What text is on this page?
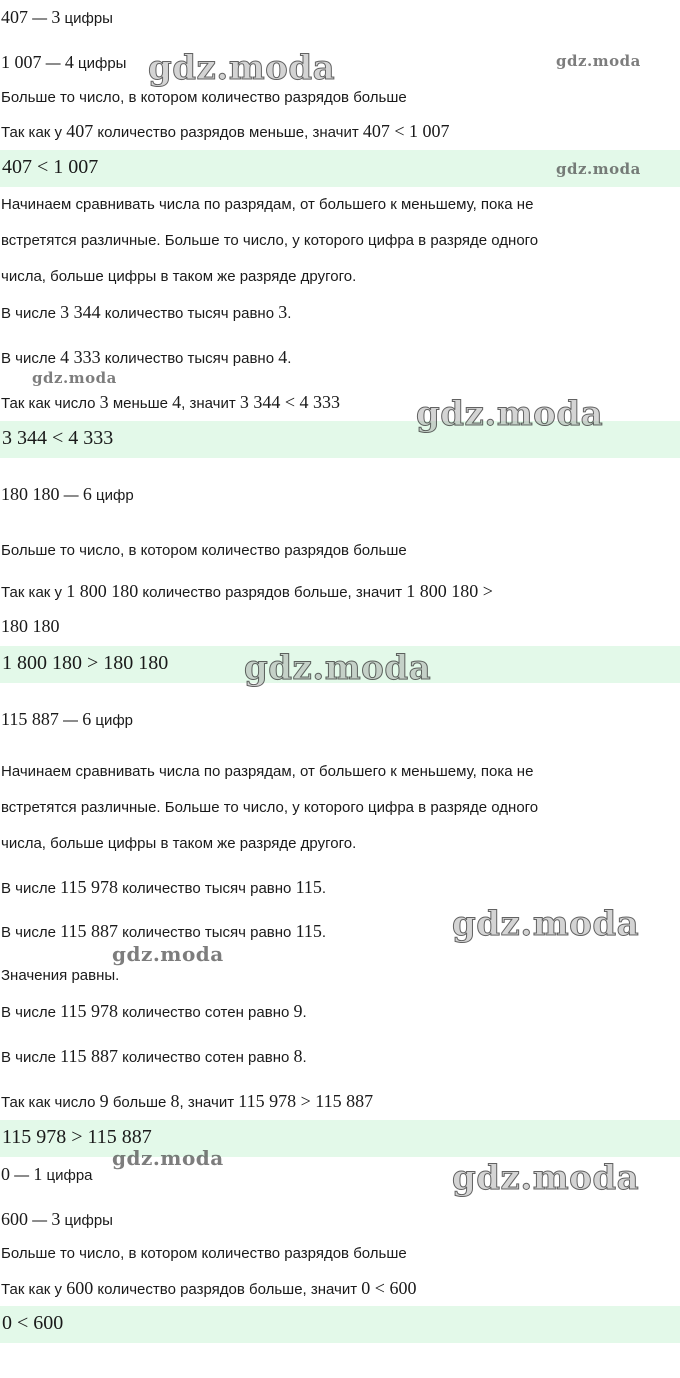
407 — 3 цифры
1 007 — 4 цифры
Больше то число, в котором количество разрядов больше
Так как у 407 количество разрядов меньше, значит 407 < 1 007
407 < 1 007
Начинаем сравнивать числа по разрядам, от большего к меньшему, пока не
встретятся различные. Больше то число, у которого цифра в разряде одного
числа, больше цифры в таком же разряде другого.
В числе 3 344 количество тысяч равно 3.
В числе 4 333 количество тысяч равно 4.
Так как число 3 меньше 4, значит 3 344 < 4 333
3 344 < 4 333
180 180 — 6 цифр
Больше то число, в котором количество разрядов больше
Так как у 1 800 180 количество разрядов больше, значит 1 800 180 >
180 180
1 800 180 > 180 180
115 887 — 6 цифр
Начинаем сравнивать числа по разрядам, от большего к меньшему, пока не
встретятся различные. Больше то число, у которого цифра в разряде одного
числа, больше цифры в таком же разряде другого.
В числе 115 978 количество тысяч равно 115.
В числе 115 887 количество тысяч равно 115.
Значения равны.
В числе 115 978 количество сотен равно 9.
В числе 115 887 количество сотен равно 8.
Так как число 9 больше 8, значит 115 978 > 115 887
115 978 > 115 887
0 — 1 цифра
600 — 3 цифры
Больше то число, в котором количество разрядов больше
Так как у 600 количество разрядов больше, значит 0 < 600
0 < 600
gdz.moda	gdz.moda
gdz.moda
gdz.moda
gdz.moda
gdz.moda
gdz.moda
gdz.moda
gdz.moda	gdz.moda
